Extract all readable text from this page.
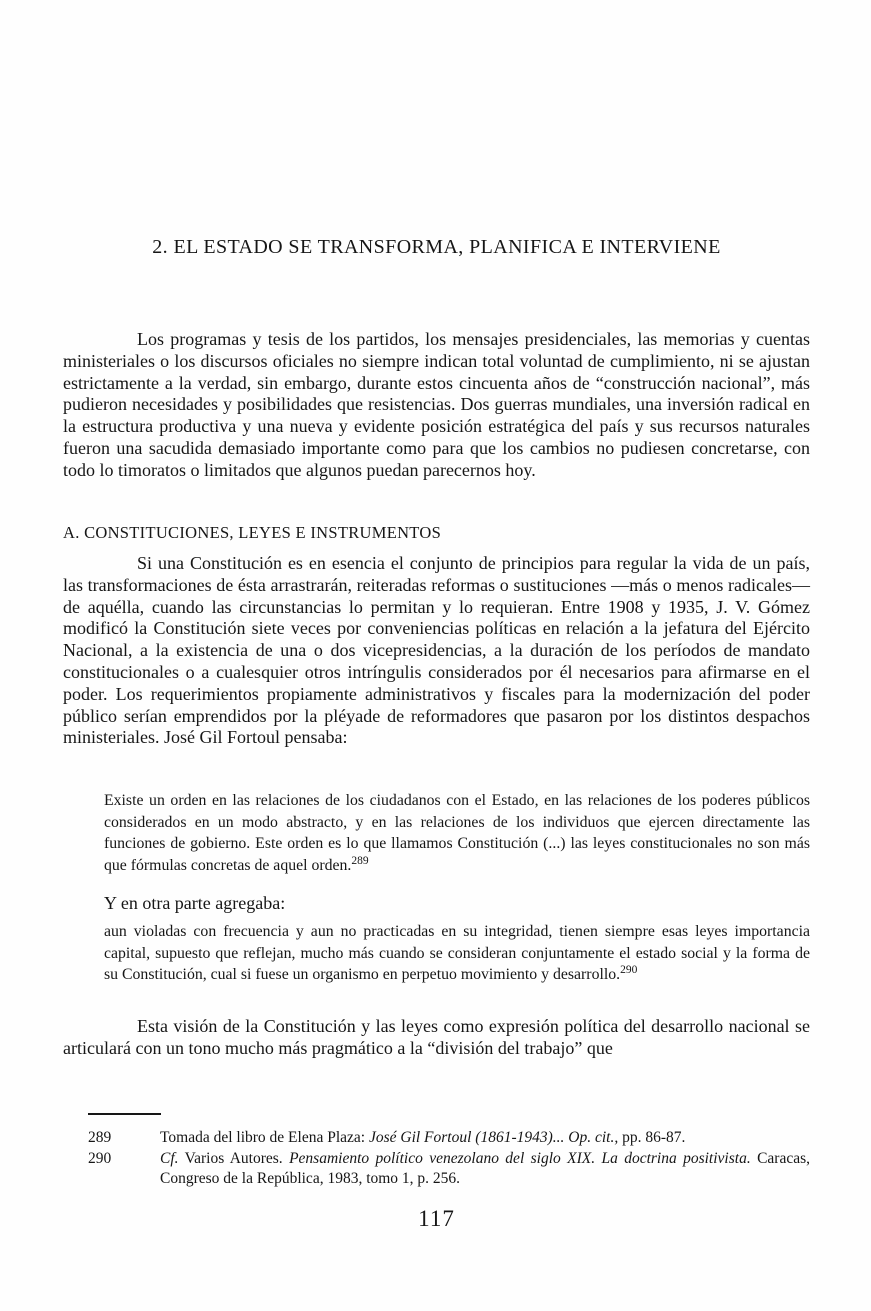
2. EL ESTADO SE TRANSFORMA, PLANIFICA E INTERVIENE

Los programas y tesis de los partidos, los mensajes presidenciales, las memorias y cuentas ministeriales o los discursos oficiales no siempre indican total voluntad de cumplimiento, ni se ajustan estrictamente a la verdad, sin embargo, durante estos cincuenta años de “construcción nacional”, más pudieron necesidades y posibilidades que resistencias. Dos guerras mundiales, una inversión radical en la estructura productiva y una nueva y evidente posición estratégica del país y sus recursos naturales fueron una sacudida demasiado importante como para que los cambios no pudiesen concretarse, con todo lo timoratos o limitados que algunos puedan parecernos hoy.

A. CONSTITUCIONES, LEYES E INSTRUMENTOS

Si una Constitución es en esencia el conjunto de principios para regular la vida de un país, las transformaciones de ésta arrastrarán, reiteradas reformas o sustituciones —más o menos radicales— de aquélla, cuando las circunstancias lo permitan y lo requieran. Entre 1908 y 1935, J. V. Gómez modificó la Constitución siete veces por conveniencias políticas en relación a la jefatura del Ejército Nacional, a la existencia de una o dos vicepresidencias, a la duración de los períodos de mandato constitucionales o a cualesquier otros intríngulis considerados por él necesarios para afirmarse en el poder. Los requerimientos propiamente administrativos y fiscales para la modernización del poder público serían emprendidos por la pléyade de reformadores que pasaron por los distintos despachos ministeriales. José Gil Fortoul pensaba:

Existe un orden en las relaciones de los ciudadanos con el Estado, en las relaciones de los poderes públicos considerados en un modo abstracto, y en las relaciones de los individuos que ejercen directamente las funciones de gobierno. Este orden es lo que llamamos Constitución (...) las leyes constitucionales no son más que fórmulas concretas de aquel orden.$^{289}$

Y en otra parte agregaba:

aun violadas con frecuencia y aun no practicadas en su integridad, tienen siempre esas leyes importancia capital, supuesto que reflejan, mucho más cuando se consideran conjuntamente el estado social y la forma de su Constitución, cual si fuese un organismo en perpetuo movimiento y desarrollo.$^{290}$

Esta visión de la Constitución y las leyes como expresión política del desarrollo nacional se articulará con un tono mucho más pragmático a la “división del trabajo” que

289	Tomada del libro de Elena Plaza: José Gil Fortoul (1861-1943)... Op. cit., pp. 86-87.
290	Cf. Varios Autores. Pensamiento político venezolano del siglo XIX. La doctrina positivista. Caracas, Congreso de la República, 1983, tomo 1, p. 256.
117
